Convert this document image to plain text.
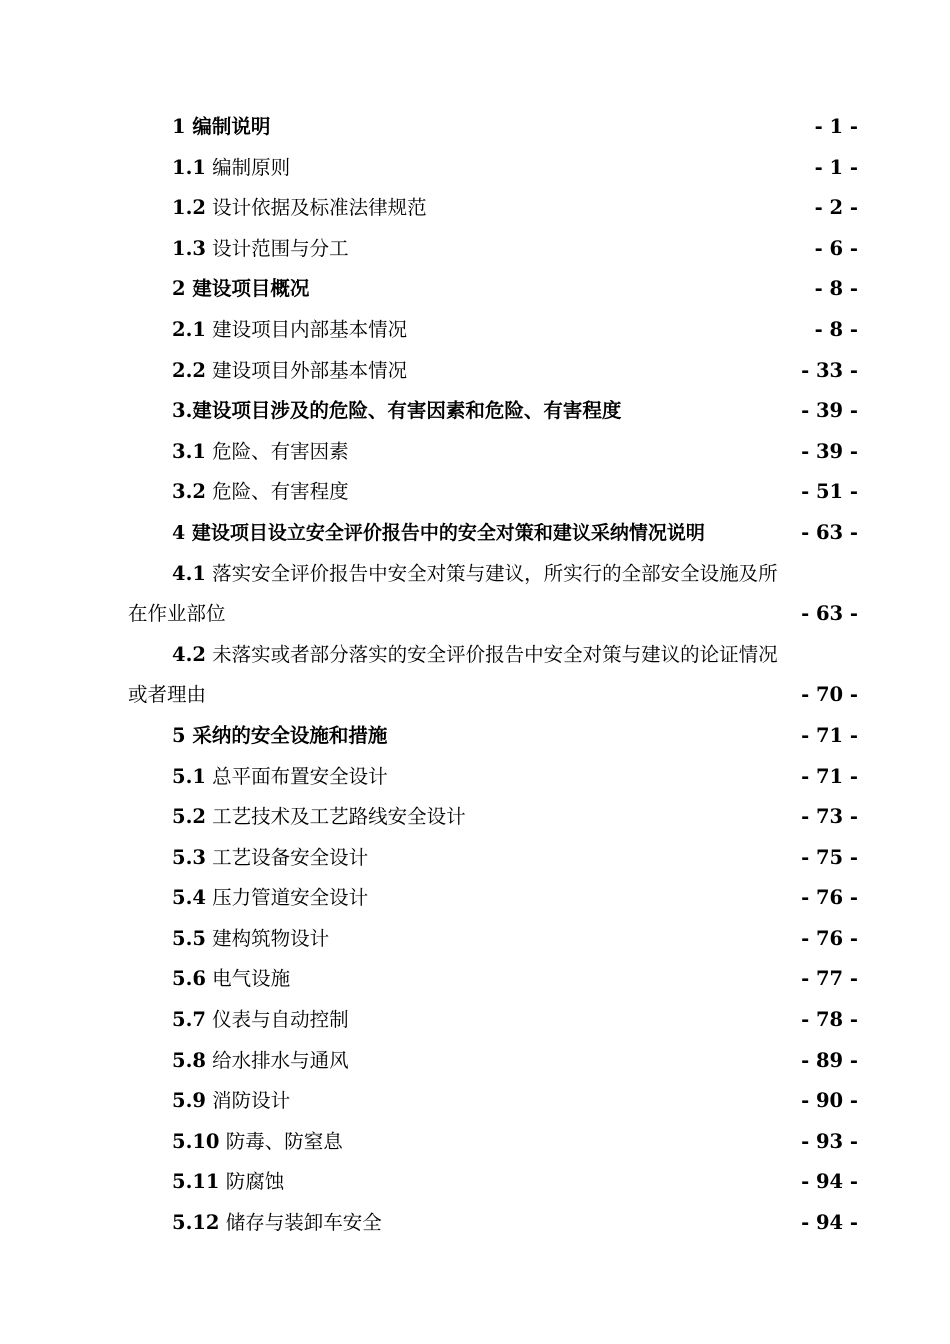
1 编制说明	- 1 -
1.1 编制原则	- 1 -
1.2 设计依据及标准法律规范	- 2 -
1.3 设计范围与分工	- 6 -
2 建设项目概况	- 8 -
2.1 建设项目内部基本情况	- 8 -
2.2 建设项目外部基本情况	- 33 -
3.建设项目涉及的危险、有害因素和危险、有害程度	- 39 -
3.1 危险、有害因素	- 39 -
3.2 危险、有害程度	- 51 -
4 建设项目设立安全评价报告中的安全对策和建议采纳情况说明	- 63 -
4.1 落实安全评价报告中安全对策与建议，所实行的全部安全设施及所
在作业部位	- 63 -
4.2 未落实或者部分落实的安全评价报告中安全对策与建议的论证情况
或者理由	- 70 -
5 采纳的安全设施和措施	- 71 -
5.1 总平面布置安全设计	- 71 -
5.2 工艺技术及工艺路线安全设计	- 73 -
5.3 工艺设备安全设计	- 75 -
5.4 压力管道安全设计	- 76 -
5.5 建构筑物设计	- 76 -
5.6 电气设施	- 77 -
5.7 仪表与自动控制	- 78 -
5.8 给水排水与通风	- 89 -
5.9 消防设计	- 90 -
5.10 防毒、防窒息	- 93 -
5.11 防腐蚀	- 94 -
5.12 储存与装卸车安全	- 94 -
